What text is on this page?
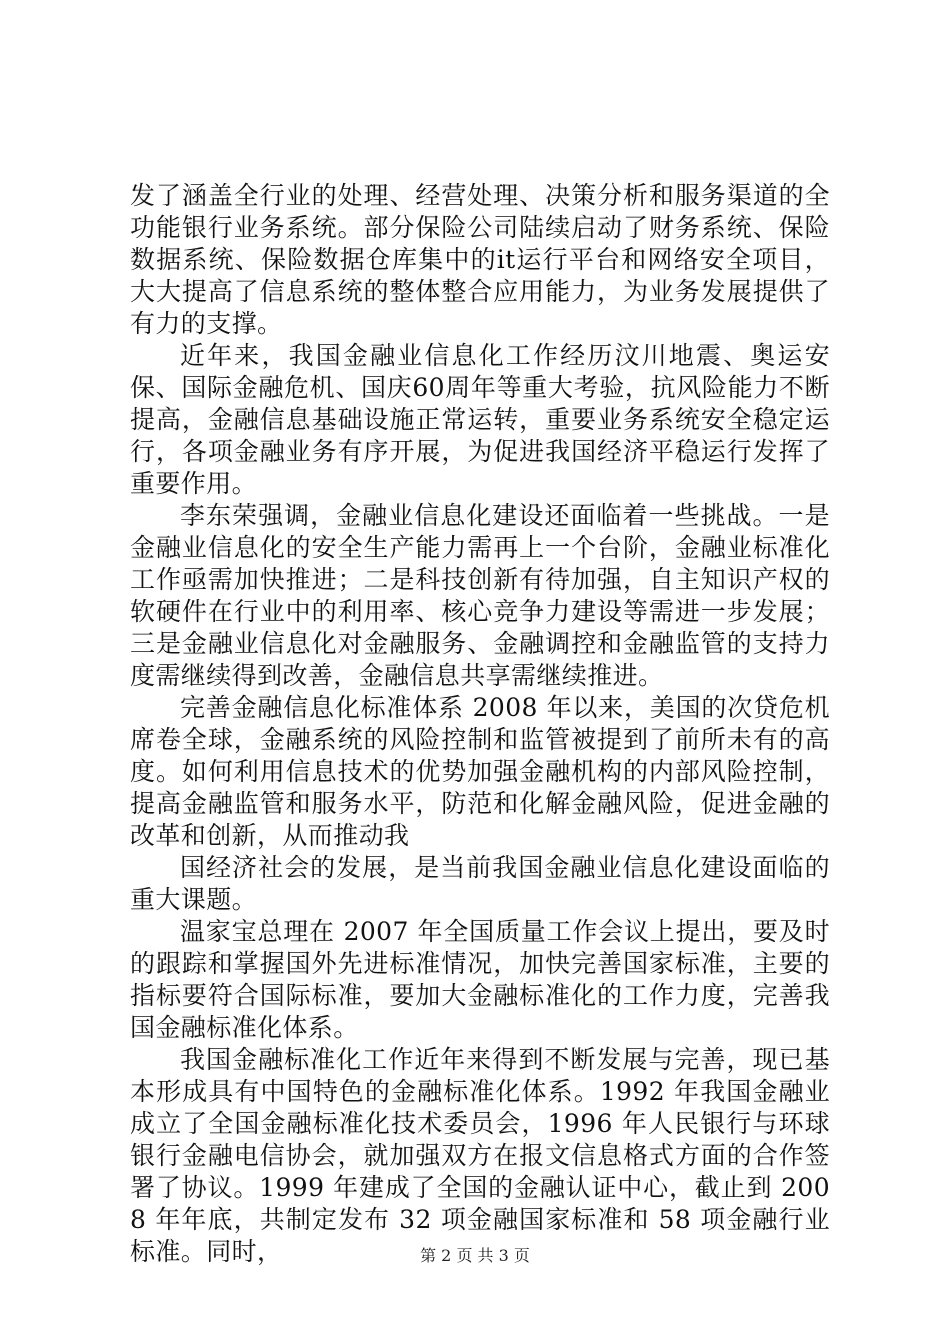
发了涵盖全行业的处理、经营处理、决策分析和服务渠道的全功能银行业务系统。部分保险公司陆续启动了财务系统、保险数据系统、保险数据仓库集中的it运行平台和网络安全项目，大大提高了信息系统的整体整合应用能力，为业务发展提供了有力的支撑。

近年来，我国金融业信息化工作经历汶川地震、奥运安保、国际金融危机、国庆60周年等重大考验，抗风险能力不断提高，金融信息基础设施正常运转，重要业务系统安全稳定运行，各项金融业务有序开展，为促进我国经济平稳运行发挥了重要作用。

李东荣强调，金融业信息化建设还面临着一些挑战。一是金融业信息化的安全生产能力需再上一个台阶，金融业标准化工作亟需加快推进；二是科技创新有待加强，自主知识产权的软硬件在行业中的利用率、核心竞争力建设等需进一步发展；三是金融业信息化对金融服务、金融调控和金融监管的支持力度需继续得到改善，金融信息共享需继续推进。

完善金融信息化标准体系 2008 年以来，美国的次贷危机席卷全球，金融系统的风险控制和监管被提到了前所未有的高度。如何利用信息技术的优势加强金融机构的内部风险控制，提高金融监管和服务水平，防范和化解金融风险，促进金融的改革和创新，从而推动我

国经济社会的发展，是当前我国金融业信息化建设面临的重大课题。

温家宝总理在 2007 年全国质量工作会议上提出，要及时的跟踪和掌握国外先进标准情况，加快完善国家标准，主要的指标要符合国际标准，要加大金融标准化的工作力度，完善我国金融标准化体系。

我国金融标准化工作近年来得到不断发展与完善，现已基本形成具有中国特色的金融标准化体系。1992 年我国金融业成立了全国金融标准化技术委员会，1996 年人民银行与环球银行金融电信协会，就加强双方在报文信息格式方面的合作签署了协议。1999 年建成了全国的金融认证中心，截止到 2008 年年底，共制定发布 32 项金融国家标准和 58 项金融行业标准。同时，	第 2 页 共 3 页
